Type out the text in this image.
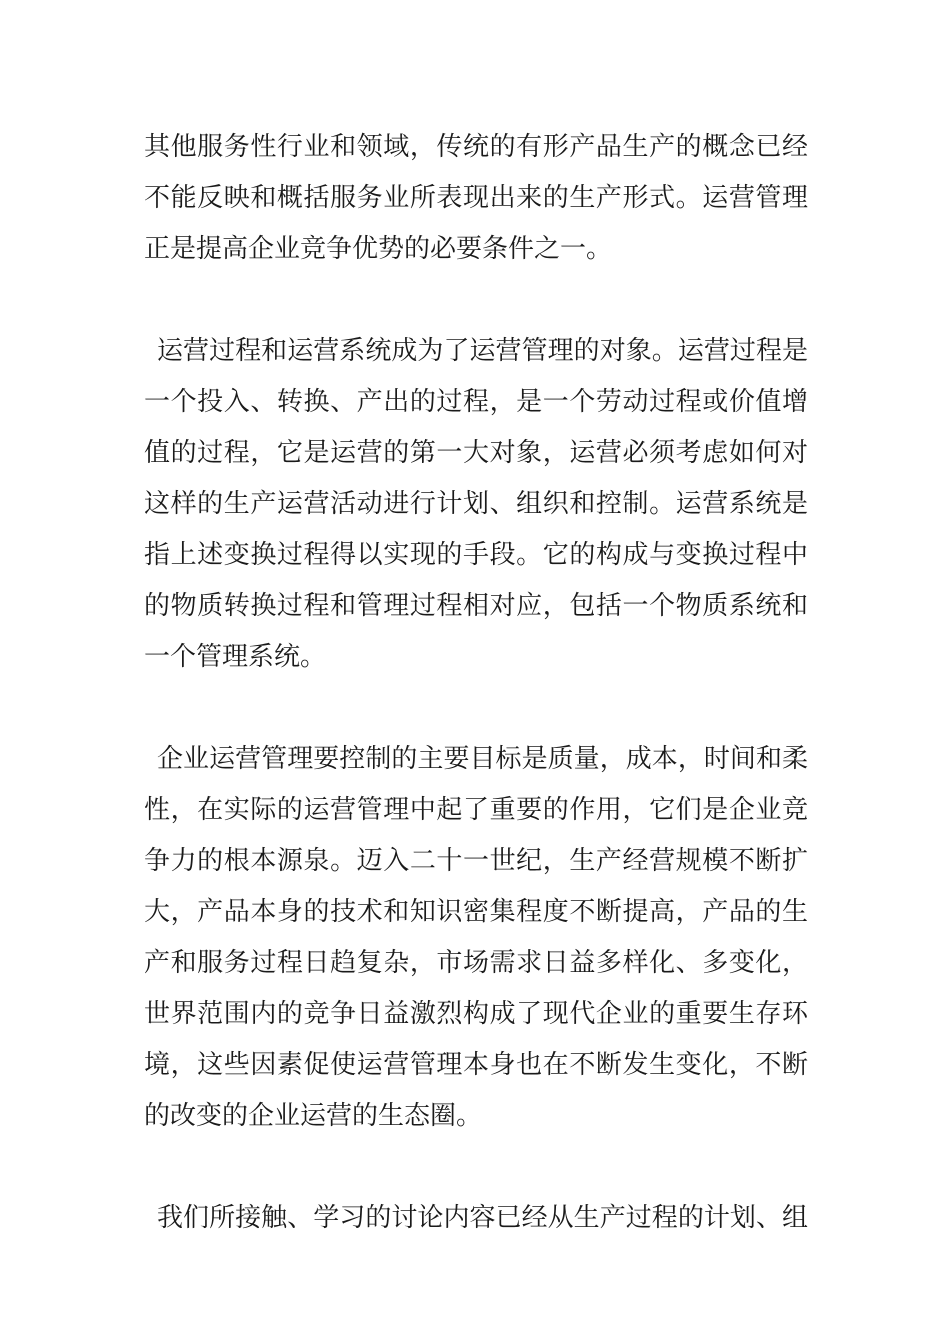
其他服务性行业和领域，传统的有形产品生产的概念已经
不能反映和概括服务业所表现出来的生产形式。运营管理
正是提高企业竞争优势的必要条件之一。
运营过程和运营系统成为了运营管理的对象。运营过程是
一个投入、转换、产出的过程，是一个劳动过程或价值增
值的过程，它是运营的第一大对象，运营必须考虑如何对
这样的生产运营活动进行计划、组织和控制。运营系统是
指上述变换过程得以实现的手段。它的构成与变换过程中
的物质转换过程和管理过程相对应，包括一个物质系统和
一个管理系统。
企业运营管理要控制的主要目标是质量，成本，时间和柔
性，在实际的运营管理中起了重要的作用，它们是企业竞
争力的根本源泉。迈入二十一世纪，生产经营规模不断扩
大，产品本身的技术和知识密集程度不断提高，产品的生
产和服务过程日趋复杂，市场需求日益多样化、多变化，
世界范围内的竞争日益激烈构成了现代企业的重要生存环
境，这些因素促使运营管理本身也在不断发生变化，不断
的改变的企业运营的生态圈。
我们所接触、学习的讨论内容已经从生产过程的计划、组
